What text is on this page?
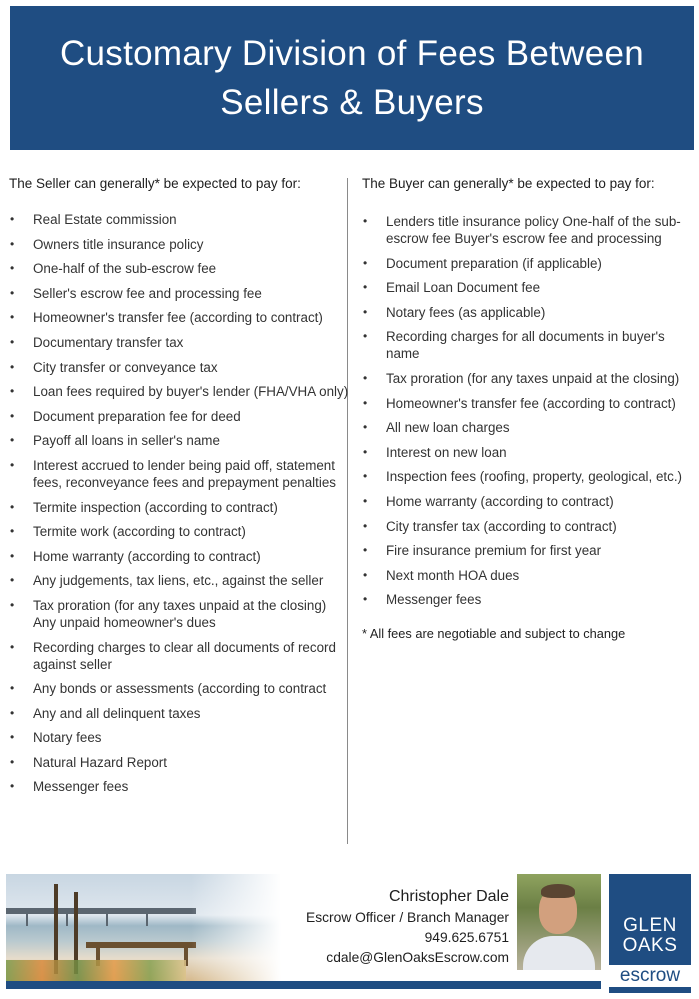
Customary Division of Fees Between
Sellers & Buyers
The Seller can generally* be expected to pay for:
• Real Estate commission
• Owners title insurance policy
• One-half of the sub-escrow fee
• Seller's escrow fee and processing fee
• Homeowner's transfer fee (according to contract)
• Documentary transfer tax
• City transfer or conveyance tax
• Loan fees required by buyer's lender (FHA/VHA only)
• Document preparation fee for deed
• Payoff all loans in seller's name
• Interest accrued to lender being paid off, statement fees, reconveyance fees and prepayment penalties
• Termite inspection (according to contract)
• Termite work (according to contract)
• Home warranty (according to contract)
• Any judgements, tax liens, etc., against the seller
• Tax proration (for any taxes unpaid at the closing) Any unpaid homeowner's dues
• Recording charges to clear all documents of record against seller
• Any bonds or assessments (according to contract
• Any and all delinquent taxes
• Notary fees
• Natural Hazard Report
• Messenger fees
The Buyer can generally* be expected to pay for:
• Lenders title insurance policy One-half of the sub-escrow fee Buyer's escrow fee and processing
• Document preparation (if applicable)
• Email Loan Document fee
• Notary fees (as applicable)
• Recording charges for all documents in buyer's name
• Tax proration (for any taxes unpaid at the closing)
• Homeowner's transfer fee (according to contract)
• All new loan charges
• Interest on new loan
• Inspection fees (roofing, property, geological, etc.)
• Home warranty (according to contract)
• City transfer tax (according to contract)
• Fire insurance premium for first year
• Next month HOA dues
• Messenger fees
* All fees are negotiable and subject to change
Christopher Dale
Escrow Officer / Branch Manager
949.625.6751
cdale@GlenOaksEscrow.com
GLEN
OAKS
escrow
